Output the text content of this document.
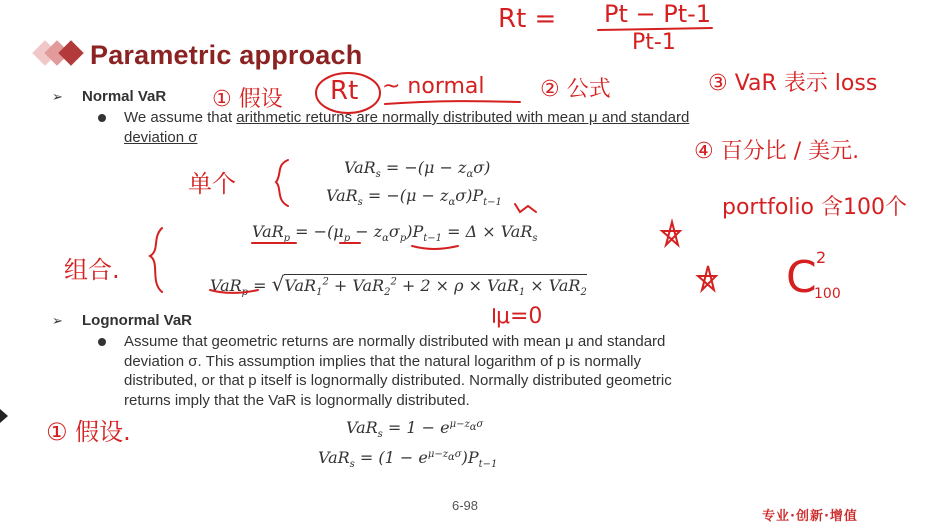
Parametric approach
➢ Normal VaR
We assume that arithmetic returns are normally distributed with mean μ and standard
deviation σ
$VaR_s = -(\mu - z_\alpha\sigma)$
$VaR_s = -(\mu - z_\alpha\sigma)P_{t-1}$
$VaR_p = -(\mu_p - z_\alpha\sigma_p)P_{t-1} = \Delta \times VaR_s$
VaR$_p$ = √VaR$_1^2$ + VaR$_2^2$ + 2 × ρ × VaR$_1$ × VaR$_2$
➢ Lognormal VaR
Assume that geometric returns are normally distributed with mean μ and standard
deviation σ. This assumption implies that the natural logarithm of p is normally
distributed, or that p itself is lognormally distributed. Normally distributed geometric
returns imply that the VaR is lognormally distributed.
$VaR_s = 1 - e^{\mu-z_\alpha\sigma}$
$VaR_s = (1 - e^{\mu-z_\alpha\sigma})P_{t-1}$
6-98
专业·创新·增值
Rt = Pt − Pt-1
Pt-1
① 假设 Rt ~ normal	② 公式	③ VaR 表示 loss
④ 百分比 / 美元.
portfolio 含100个
单个
组合.	C 2
100
μ=0
① 假设.
